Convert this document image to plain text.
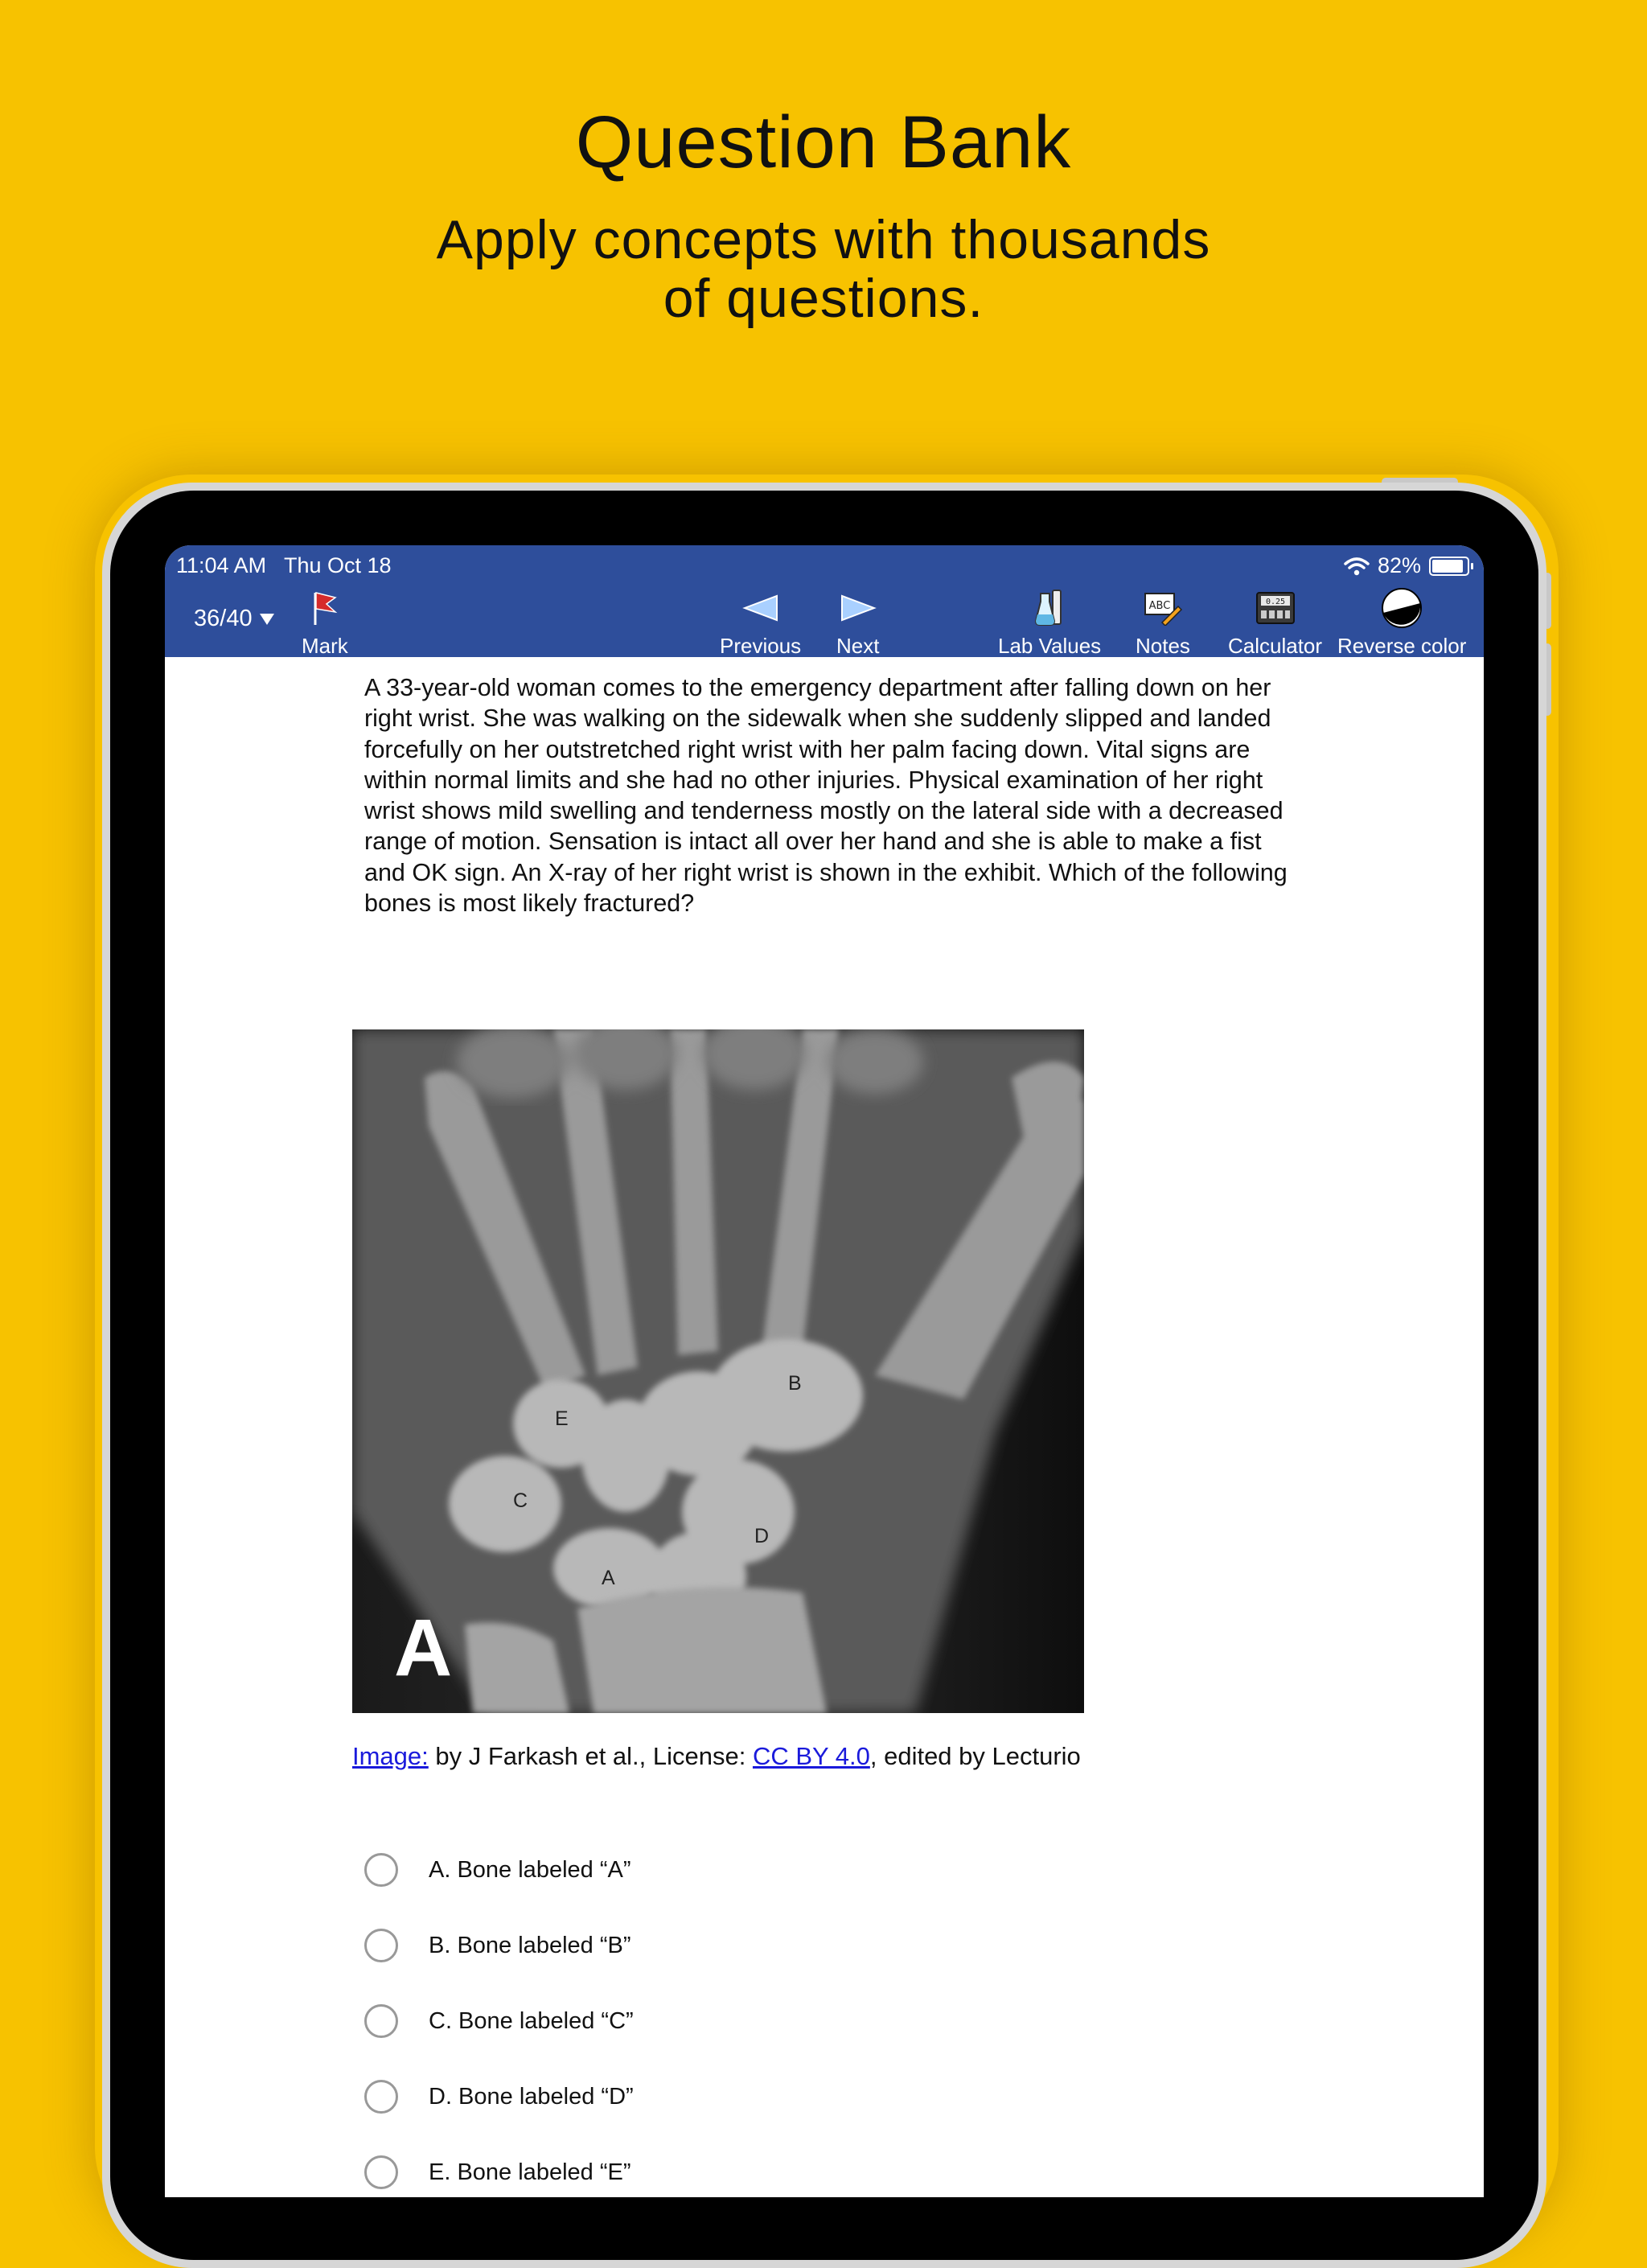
Question Bank
Apply concepts with thousands
of questions.
11:04 AM Thu Oct 18	82%
36/40
Mark	Previous Next	Lab Values
ABC
Notes
0.25
Calculator Reverse color

A 33-year-old woman comes to the emergency department after falling down on her right wrist. She was walking on the sidewalk when she suddenly slipped and landed forcefully on her outstretched right wrist with her palm facing down. Vital signs are within normal limits and she had no other injuries. Physical examination of her right wrist shows mild swelling and tenderness mostly on the lateral side with a decreased range of motion. Sensation is intact all over her hand and she is able to make a fist and OK sign. An X-ray of her right wrist is shown in the exhibit. Which of the following bones is most likely fractured?

A
A
B
C
D
E
Image: by J Farkash et al., License: CC BY 4.0, edited by Lecturio
A. Bone labeled “A”
B. Bone labeled “B”
C. Bone labeled “C”
D. Bone labeled “D”
E. Bone labeled “E”
